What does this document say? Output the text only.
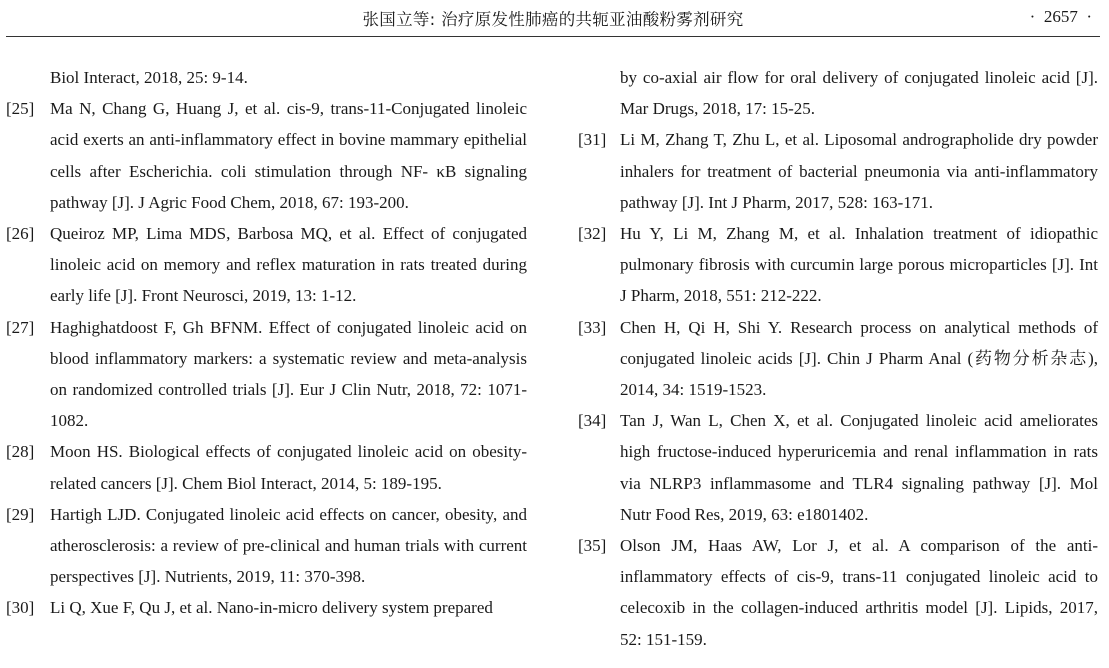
张国立等: 治疗原发性肺癌的共轭亚油酸粉雾剂研究	·  2657  ·
Biol Interact, 2018, 25: 9-14.
[25] Ma N, Chang G, Huang J, et al. cis-9, trans-11-Conjugated linoleic acid exerts an anti-inflammatory effect in bovine mammary epithelial cells after Escherichia. coli stimulation through NF- κB signaling pathway [J]. J Agric Food Chem, 2018, 67: 193-200.
[26] Queiroz MP, Lima MDS, Barbosa MQ, et al. Effect of conjugated linoleic acid on memory and reflex maturation in rats treated during early life [J]. Front Neurosci, 2019, 13: 1-12.
[27] Haghighatdoost F, Gh BFNM. Effect of conjugated linoleic acid on blood inflammatory markers: a systematic review and meta-analysis on randomized controlled trials [J]. Eur J Clin Nutr, 2018, 72: 1071-1082.
[28] Moon HS. Biological effects of conjugated linoleic acid on obesity-related cancers [J]. Chem Biol Interact, 2014, 5: 189-195.
[29] Hartigh LJD. Conjugated linoleic acid effects on cancer, obesity, and atherosclerosis: a review of pre-clinical and human trials with current perspectives [J]. Nutrients, 2019, 11: 370-398.
[30] Li Q, Xue F, Qu J, et al. Nano-in-micro delivery system prepared
by co-axial air flow for oral delivery of conjugated linoleic acid [J]. Mar Drugs, 2018, 17: 15-25.
[31] Li M, Zhang T, Zhu L, et al. Liposomal andrographolide dry powder inhalers for treatment of bacterial pneumonia via anti-inflammatory pathway [J]. Int J Pharm, 2017, 528: 163-171.
[32] Hu Y, Li M, Zhang M, et al. Inhalation treatment of idiopathic pulmonary fibrosis with curcumin large porous microparticles [J]. Int J Pharm, 2018, 551: 212-222.
[33] Chen H, Qi H, Shi Y. Research process on analytical methods of conjugated linoleic acids [J]. Chin J Pharm Anal (药物分析杂志), 2014, 34: 1519-1523.
[34] Tan J, Wan L, Chen X, et al. Conjugated linoleic acid ameliorates high fructose-induced hyperuricemia and renal inflammation in rats via NLRP3 inflammasome and TLR4 signaling pathway [J]. Mol Nutr Food Res, 2019, 63: e1801402.
[35] Olson JM, Haas AW, Lor J, et al. A comparison of the anti-inflammatory effects of cis-9, trans-11 conjugated linoleic acid to celecoxib in the collagen-induced arthritis model [J]. Lipids, 2017, 52: 151-159.
